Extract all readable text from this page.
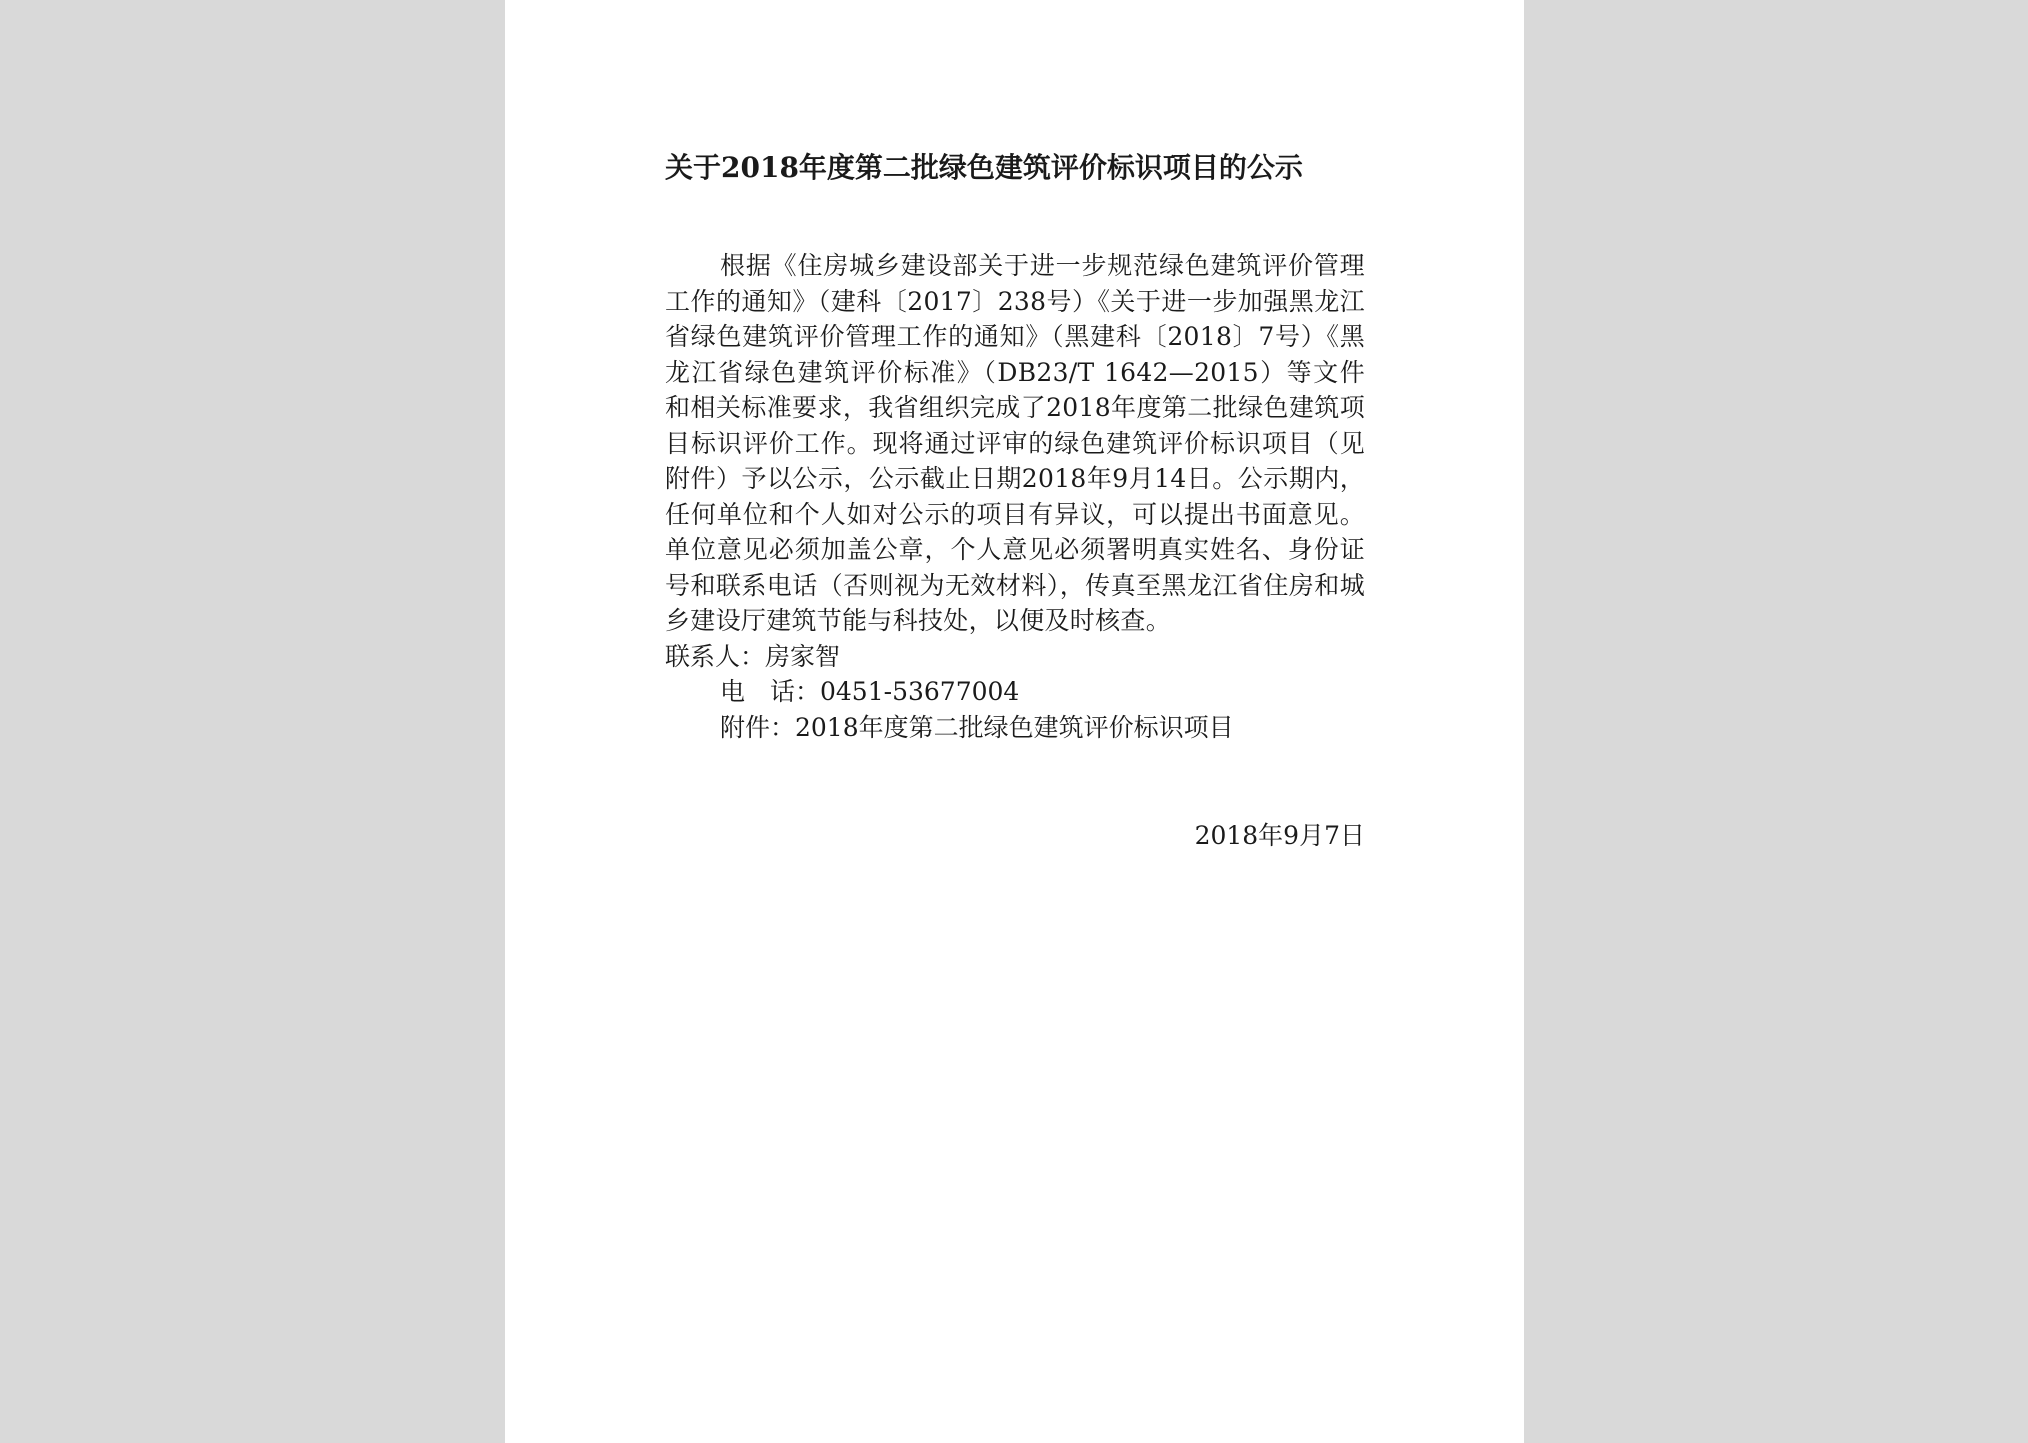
关于2018年度第二批绿色建筑评价标识项目的公示

根据《住房城乡建设部关于进一步规范绿色建筑评价管理工作的通知》（建科〔2017〕238号）《关于进一步加强黑龙江省绿色建筑评价管理工作的通知》（黑建科〔2018〕7号）《黑龙江省绿色建筑评价标准》（DB23/T 1642—2015）等文件和相关标准要求，我省组织完成了2018年度第二批绿色建筑项目标识评价工作。现将通过评审的绿色建筑评价标识项目（见附件）予以公示，公示截止日期2018年9月14日。公示期内，任何单位和个人如对公示的项目有异议，可以提出书面意见。单位意见必须加盖公章，个人意见必须署明真实姓名、身份证号和联系电话（否则视为无效材料），传真至黑龙江省住房和城乡建设厅建筑节能与科技处，以便及时核查。

联系人：房家智

电　话：0451-53677004

附件：2018年度第二批绿色建筑评价标识项目

2018年9月7日
